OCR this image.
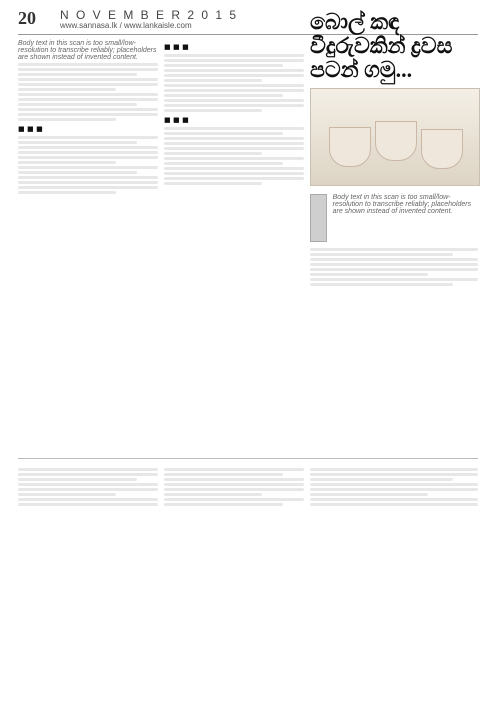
20 N O V E M B E R 2 0 1 5
www.sannasa.lk / www.lankaisle.com
Body text in this scan is too small/low-resolution to transcribe reliably; placeholders are shown instead of invented content.
■ ■ ■
■ ■ ■
■ ■ ■
බොල් කඳ වීදුරුවකින් ද්‍රවස පටන් ගමු...
Body text in this scan is too small/low-resolution to transcribe reliably; placeholders are shown instead of invented content.
